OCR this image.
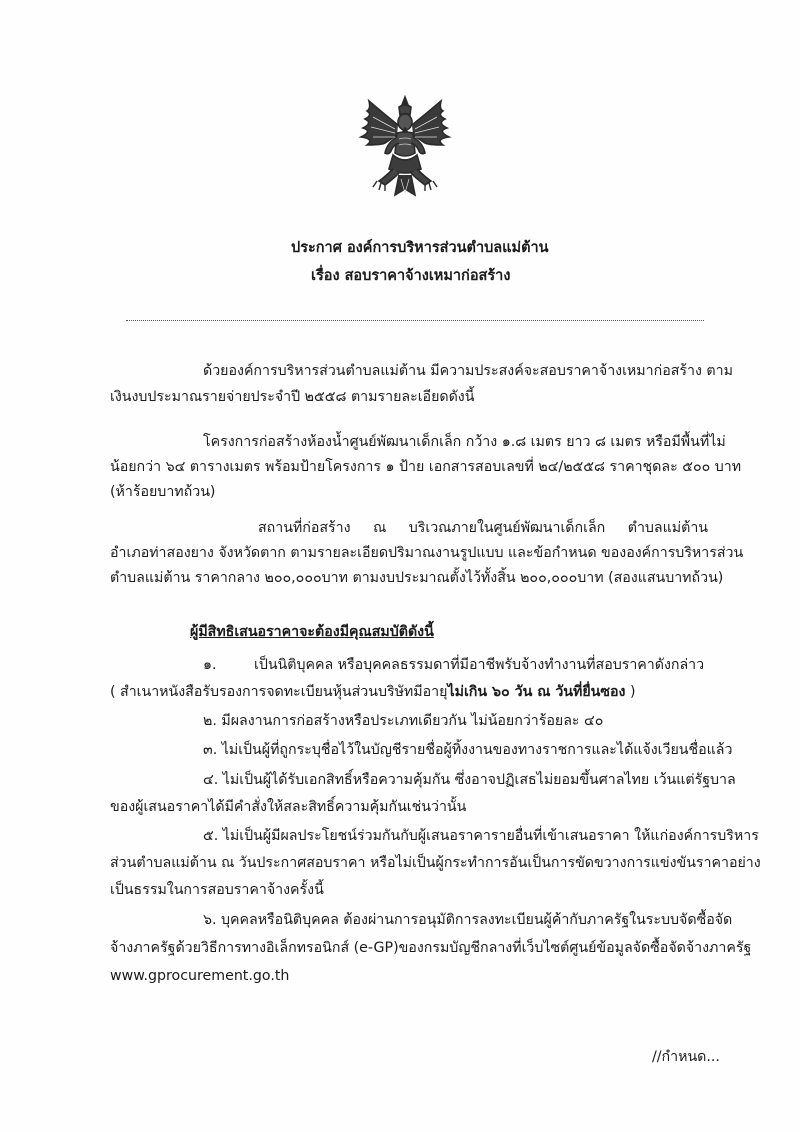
ประกาศ องค์การบริหารส่วนตำบลแม่ต้าน
เรื่อง สอบราคาจ้างเหมาก่อสร้าง
ด้วยองค์การบริหารส่วนตำบลแม่ต้าน มีความประสงค์จะสอบราคาจ้างเหมาก่อสร้าง ตาม
เงินงบประมาณรายจ่ายประจำปี ๒๕๕๘ ตามรายละเอียดดังนี้
โครงการก่อสร้างห้องน้ำศูนย์พัฒนาเด็กเล็ก กว้าง ๑.๘ เมตร ยาว ๘ เมตร หรือมีพื้นที่ไม่
น้อยกว่า ๖๔ ตารางเมตร พร้อมป้ายโครงการ ๑ ป้าย เอกสารสอบเลขที่ ๒๔/๒๕๕๘ ราคาชุดละ ๕๐๐ บาท
(ห้าร้อยบาทถ้วน)
สถานที่ก่อสร้าง ณ บริเวณภายในศูนย์พัฒนาเด็กเล็ก ตำบลแม่ต้าน
อำเภอท่าสองยาง จังหวัดตาก ตามรายละเอียดปริมาณงานรูปแบบ และข้อกำหนด ขององค์การบริหารส่วน
ตำบลแม่ต้าน ราคากลาง ๒๐๐,๐๐๐บาท ตามงบประมาณตั้งไว้ทั้งสิ้น ๒๐๐,๐๐๐บาท (สองแสนบาทถ้วน)
ผู้มีสิทธิเสนอราคาจะต้องมีคุณสมบัติดังนี้
๑.	เป็นนิติบุคคล หรือบุคคลธรรมดาที่มีอาชีพรับจ้างทำงานที่สอบราคาดังกล่าว
( สำเนาหนังสือรับรองการจดทะเบียนหุ้นส่วนบริษัทมีอายุไม่เกิน ๖๐ วัน ณ วันที่ยื่นซอง )
๒. มีผลงานการก่อสร้างหรือประเภทเดียวกัน ไม่น้อยกว่าร้อยละ ๔๐
๓. ไม่เป็นผู้ที่ถูกระบุชื่อไว้ในบัญชีรายชื่อผู้ทิ้งงานของทางราชการและได้แจ้งเวียนชื่อแล้ว
๔. ไม่เป็นผู้ได้รับเอกสิทธิ์หรือความคุ้มกัน ซึ่งอาจปฏิเสธไม่ยอมขึ้นศาลไทย เว้นแต่รัฐบาล
ของผู้เสนอราคาได้มีคำสั่งให้สละสิทธิ์ความคุ้มกันเช่นว่านั้น
๕. ไม่เป็นผู้มีผลประโยชน์ร่วมกันกับผู้เสนอราคารายอื่นที่เข้าเสนอราคา ให้แก่องค์การบริหาร
ส่วนตำบลแม่ต้าน ณ วันประกาศสอบราคา หรือไม่เป็นผู้กระทำการอันเป็นการขัดขวางการแข่งขันราคาอย่าง
เป็นธรรมในการสอบราคาจ้างครั้งนี้
๖. บุคคลหรือนิติบุคคล ต้องผ่านการอนุมัติการลงทะเบียนผู้ค้ากับภาครัฐในระบบจัดซื้อจัด
จ้างภาครัฐด้วยวิธีการทางอิเล็กทรอนิกส์ (e-GP)ของกรมบัญชีกลางที่เว็บไซต์ศูนย์ข้อมูลจัดซื้อจัดจ้างภาครัฐ
www.gprocurement.go.th
//กำหนด...
